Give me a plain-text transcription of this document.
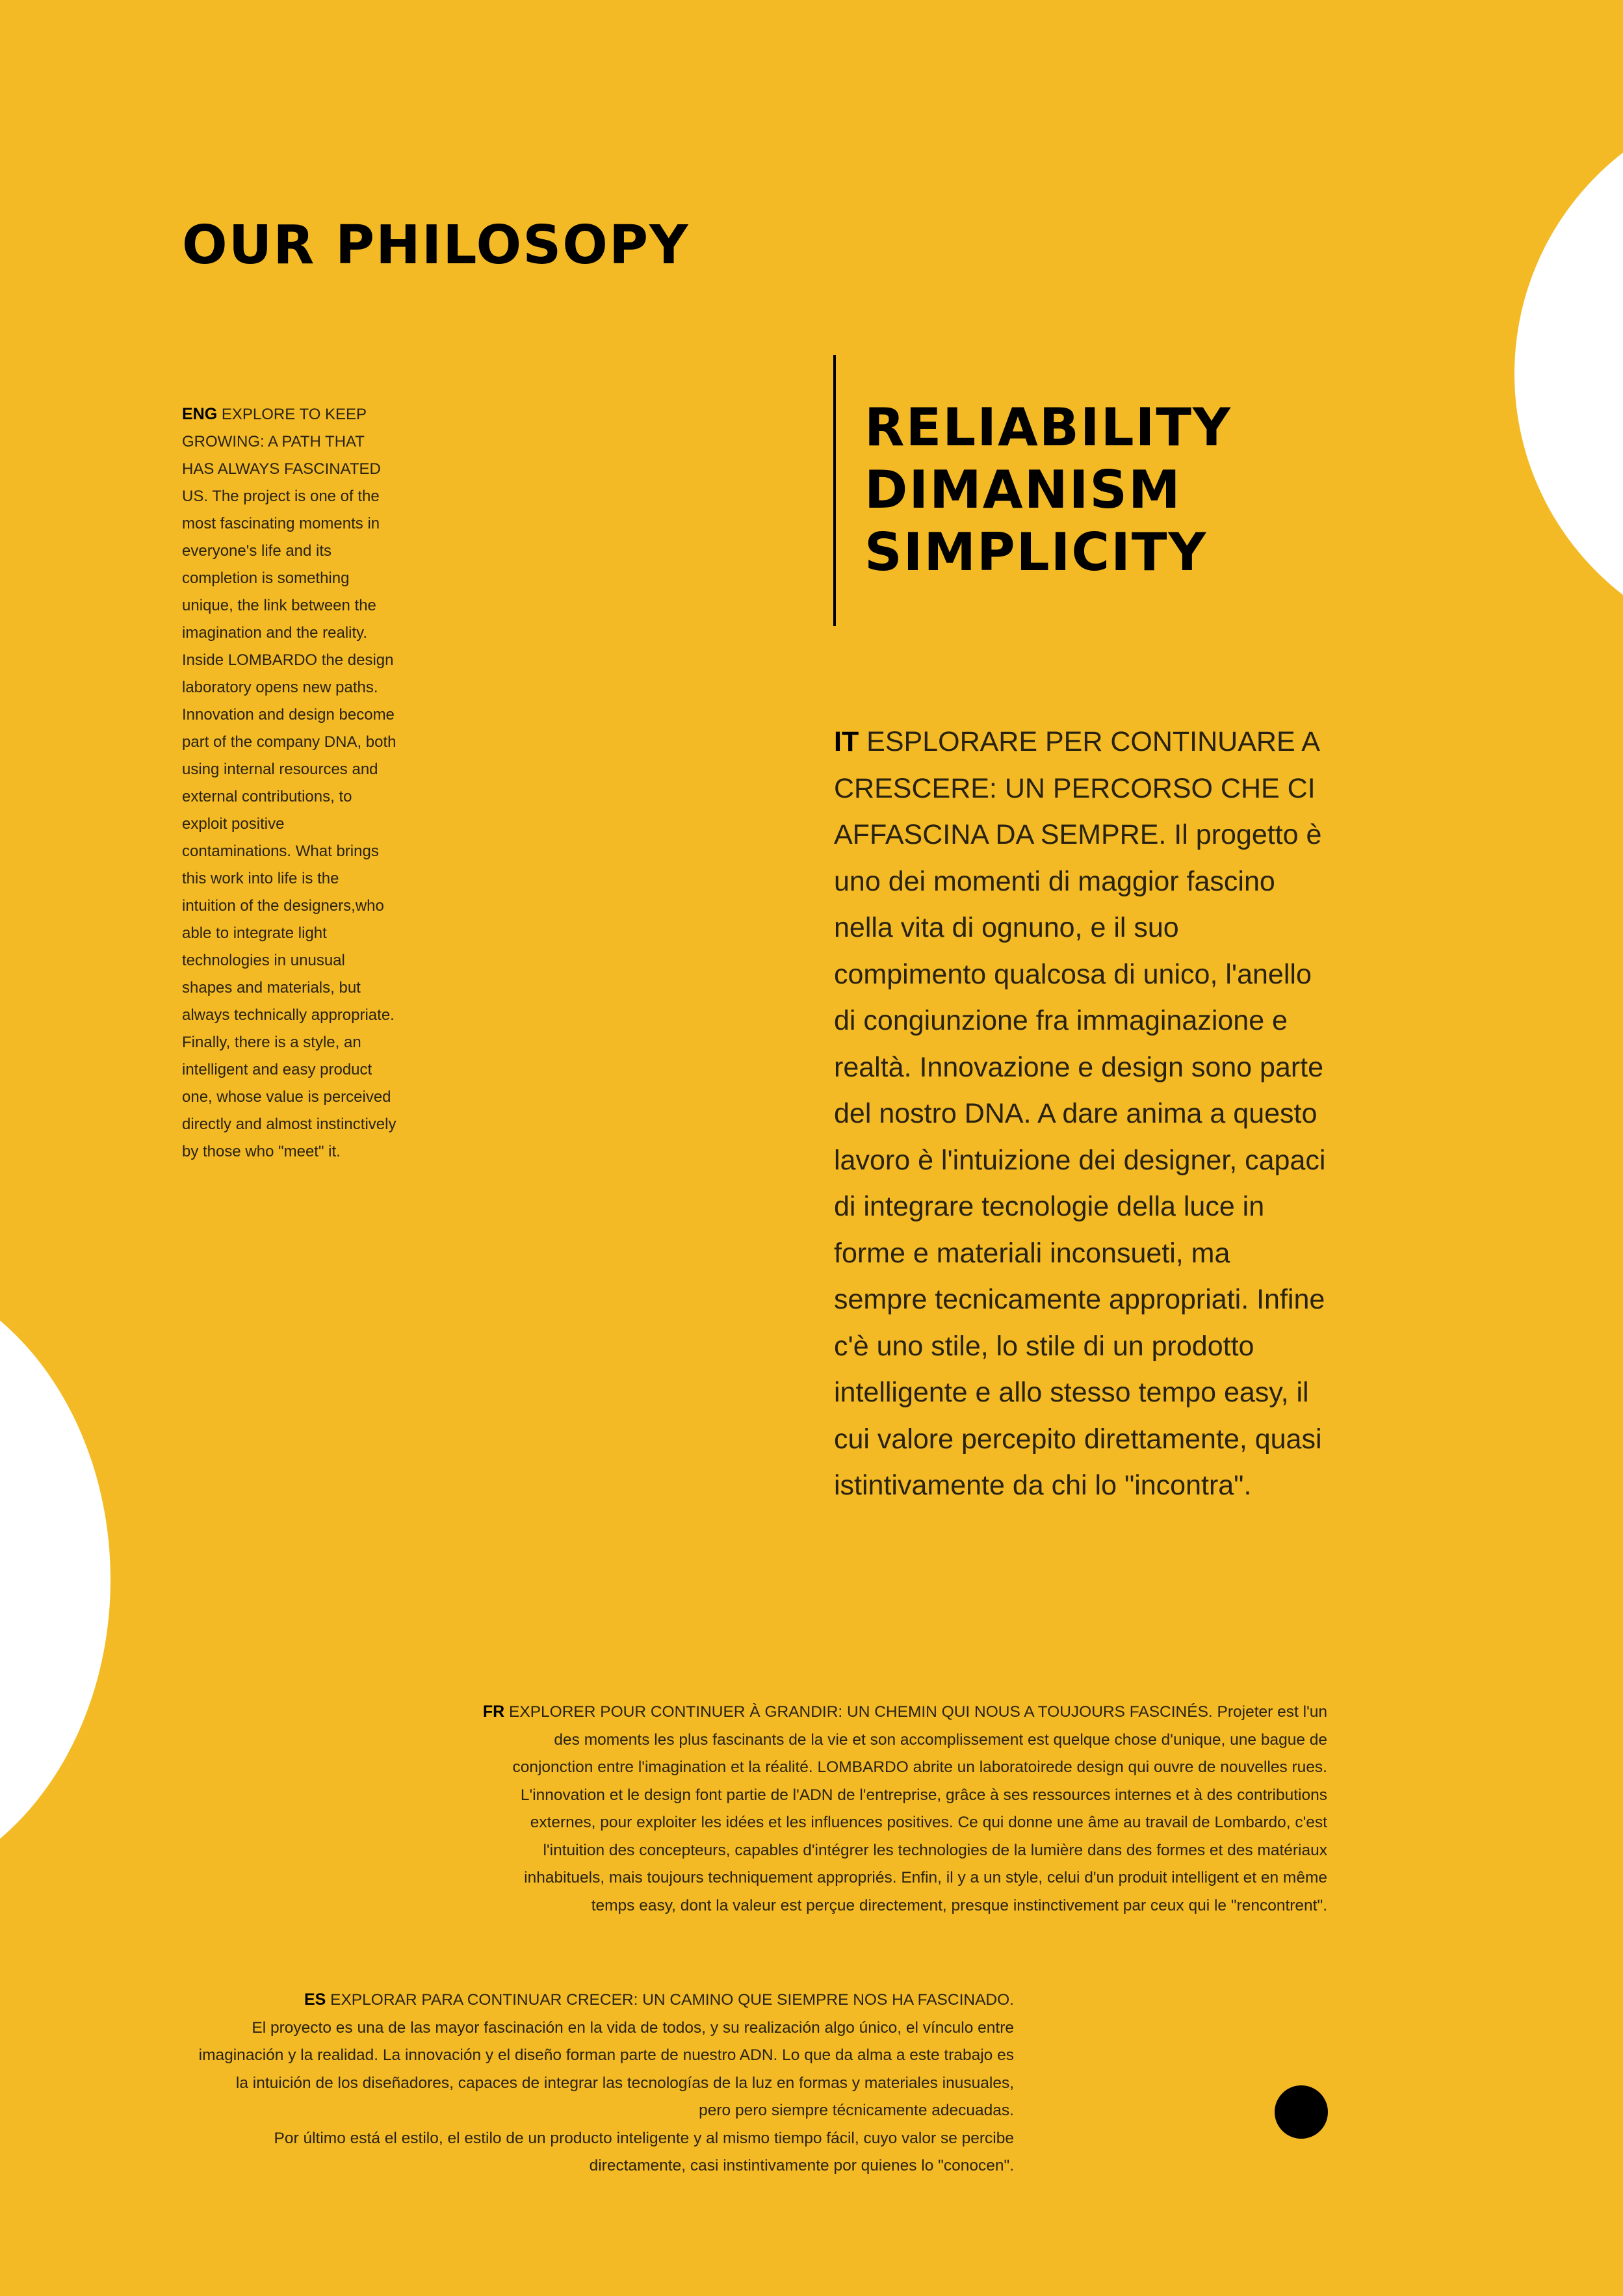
OUR PHILOSOPY
RELIABILITY
DIMANISM
SIMPLICITY
ENG EXPLORE TO KEEP GROWING: A PATH THAT HAS ALWAYS FASCINATED US. The project is one of the most fascinating moments in everyone's life and its completion is something unique, the link between the imagination and the reality. Inside LOMBARDO the design laboratory opens new paths. Innovation and design become part of the company DNA, both using internal resources and external contributions, to exploit positive contaminations. What brings this work into life is the intuition of the designers,who able to integrate light technologies in unusual shapes and materials, but always technically appropriate. Finally, there is a style, an intelligent and easy product one, whose value is perceived directly and almost instinctively by those who "meet" it.
IT ESPLORARE PER CONTINUARE A CRESCERE: UN PERCORSO CHE CI AFFASCINA DA SEMPRE. Il progetto è uno dei momenti di maggior fascino nella vita di ognuno, e il suo compimento qualcosa di unico, l'anello di congiunzione fra immaginazione e realtà. Innovazione e design sono parte del nostro DNA. A dare anima a questo lavoro è l'intuizione dei designer, capaci di integrare tecnologie della luce in forme e materiali inconsueti, ma sempre tecnicamente appropriati. Infine c'è uno stile, lo stile di un prodotto intelligente e allo stesso tempo easy, il cui valore percepito direttamente, quasi istintivamente da chi lo "incontra".
FR EXPLORER POUR CONTINUER À GRANDIR: UN CHEMIN QUI NOUS A TOUJOURS FASCINÉS. Projeter est l'un des moments les plus fascinants de la vie et son accomplissement est quelque chose d'unique, une bague de conjonction entre l'imagination et la réalité. LOMBARDO abrite un laboratoirede design qui ouvre de nouvelles rues. L'innovation et le design font partie de l'ADN de l'entreprise, grâce à ses ressources internes et à des contributions externes, pour exploiter les idées et les influences positives. Ce qui donne une âme au travail de Lombardo, c'est l'intuition des concepteurs, capables d'intégrer les technologies de la lumière dans des formes et des matériaux inhabituels, mais toujours techniquement appropriés. Enfin, il y a un style, celui d'un produit intelligent et en même temps easy, dont la valeur est perçue directement, presque instinctivement par ceux qui le "rencontrent".

ES EXPLORAR PARA CONTINUAR CRECER: UN CAMINO QUE SIEMPRE NOS HA FASCINADO.

El proyecto es una de las mayor fascinación en la vida de todos, y su realización algo único, el vínculo entre

imaginación y la realidad. La innovación y el diseño forman parte de nuestro ADN. Lo que da alma a este trabajo es

la intuición de los diseñadores, capaces de integrar las tecnologías de la luz en formas y materiales inusuales,

pero pero siempre técnicamente adecuadas.

Por último está el estilo, el estilo de un producto inteligente y al mismo tiempo fácil, cuyo valor se percibe

directamente, casi instintivamente por quienes lo "conocen".
